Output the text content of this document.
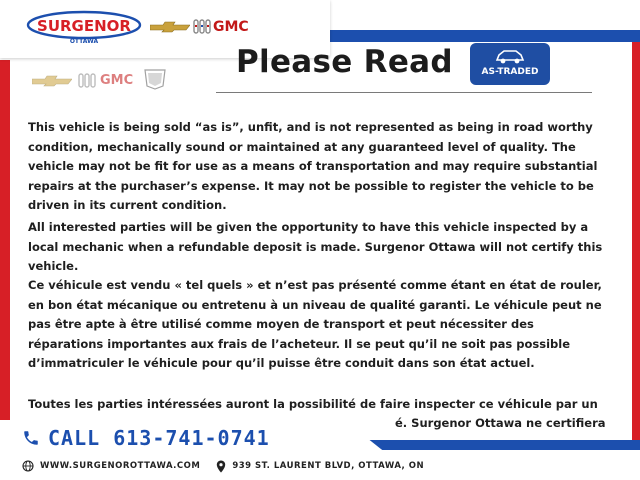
SURGENOR
OTTAWA
GMC
GMC
Please Read	AS-TRADED
This vehicle is being sold “as is”, unfit, and is not represented as being in road worthy condition, mechanically sound or maintained at any guaranteed level of quality. The vehicle may not be fit for use as a means of transportation and may require substantial repairs at the purchaser’s expense. It may not be possible to register the vehicle to be driven in its current condition.
All interested parties will be given the opportunity to have this vehicle inspected by a local mechanic when a refundable deposit is made. Surgenor Ottawa will not certify this vehicle.
Ce véhicule est vendu « tel quels » et n’est pas présenté comme étant en état de rouler, en bon état mécanique ou entretenu à un niveau de qualité garanti. Le véhicule peut ne pas être apte à être utilisé comme moyen de transport et peut nécessiter des réparations importantes aux frais de l’acheteur. Il se peut qu’il ne soit pas possible d’immatriculer le véhicule pour qu’il puisse être conduit dans son état actuel.
Toutes les parties intéressées auront la possibilité de faire inspecter ce véhicule par un
é. Surgenor Ottawa ne certifiera
CALL 613-741-0741
WWW.SURGENOROTTAWA.COM	939 ST. LAURENT BLVD, OTTAWA, ON
